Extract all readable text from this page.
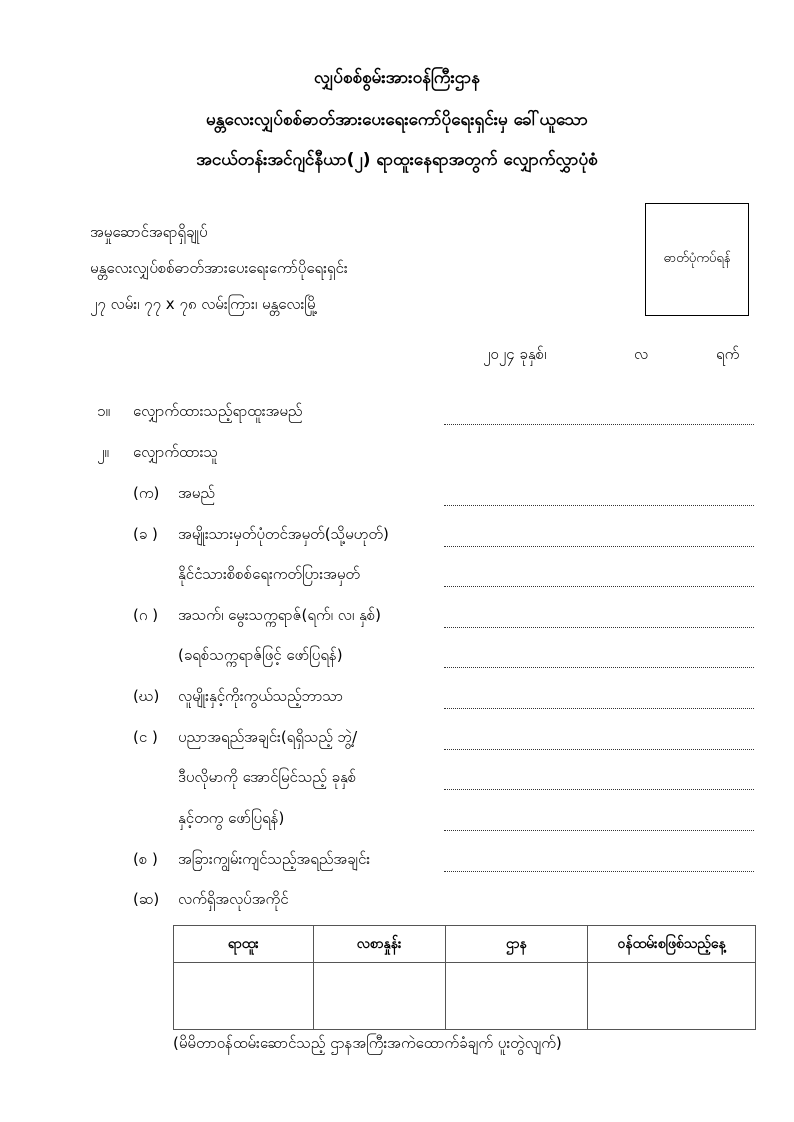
လျှပ်စစ်စွမ်းအားဝန်ကြီးဌာန
မန္တလေးလျှပ်စစ်ဓာတ်အားပေးရေးကော်ပိုရေးရှင်းမှ ခေါ်ယူသော
အငယ်တန်းအင်ဂျင်နီယာ(၂) ရာထူးနေရာအတွက် လျှောက်လွှာပုံစံ
အမှုဆောင်အရာရှိချုပ်
မန္တလေးလျှပ်စစ်ဓာတ်အားပေးရေးကော်ပိုရေးရှင်း
၂၇ လမ်း၊ ၇၇ x ၇၈ လမ်းကြား၊ မန္တလေးမြို့
ဓာတ်ပုံကပ်ရန်
၂၀၂၄ ခုနှစ်၊	လ	ရက်
၁။ လျှောက်ထားသည့်ရာထူးအမည်
၂။ လျှောက်ထားသူ
(က) အမည်
(ခ ) အမျိုးသားမှတ်ပုံတင်အမှတ်(သို့မဟုတ်)
နိုင်ငံသားစိစစ်ရေးကတ်ပြားအမှတ်
(ဂ ) အသက်၊ မွေးသက္ကရာဇ်(ရက်၊ လ၊ နှစ်)
(ခရစ်သက္ကရာဇ်ဖြင့် ဖော်ပြရန်)
(ဃ) လူမျိုးနှင့်ကိုးကွယ်သည့်ဘာသာ
(င ) ပညာအရည်အချင်း(ရရှိသည့် ဘွဲ့/
ဒီပလိုမာကို အောင်မြင်သည့် ခုနှစ်
နှင့်တကွ ဖော်ပြရန်)
(စ ) အခြားကျွမ်းကျင်သည့်အရည်အချင်း
(ဆ) လက်ရှိအလုပ်အကိုင်
ရာထူး	လစာနှုန်း	ဌာန	ဝန်ထမ်းစဖြစ်သည့်နေ့

(မိမိတာဝန်ထမ်းဆောင်သည့် ဌာနအကြီးအကဲထောက်ခံချက် ပူးတွဲလျက်)
